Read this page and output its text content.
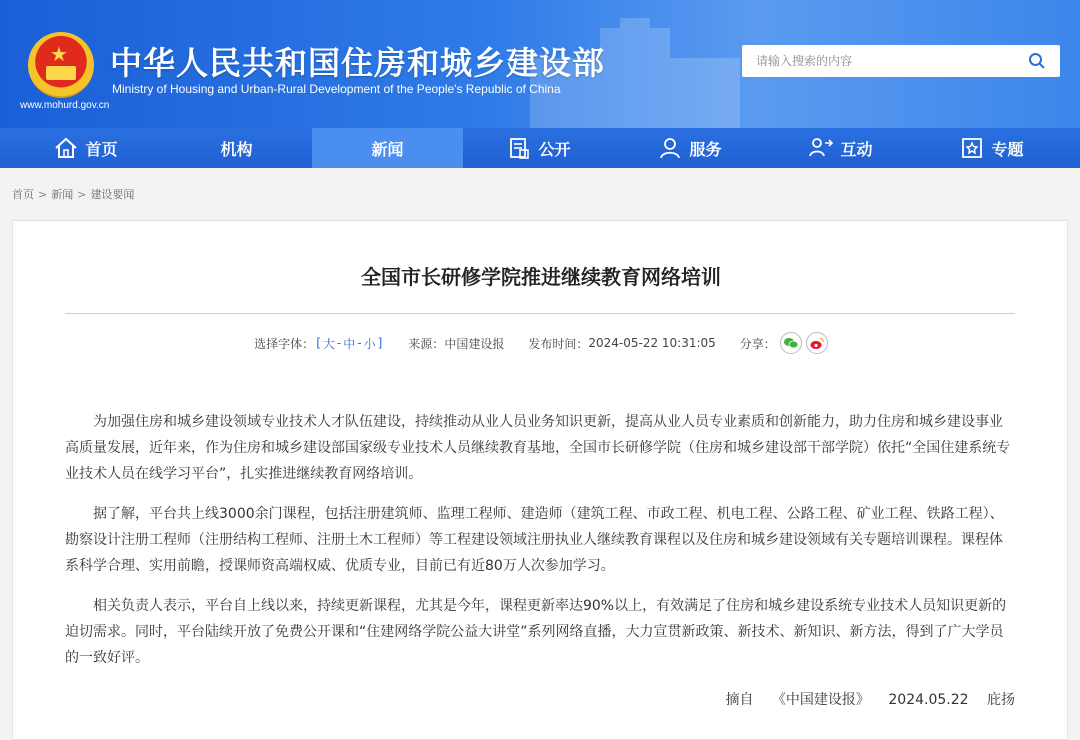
★
www.mohurd.gov.cn
中华人民共和国住房和城乡建设部
Ministry of Housing and Urban-Rural Development of the People's Republic of China
请输入搜索的内容
首页	机构	新闻	公开	服务	互动	专题
首页 > 新闻 > 建设要闻
全国市长研修学院推进继续教育网络培训
选择字体： [ 大 - 中 - 小 ] 来源： 中国建设报 发布时间： 2024-05-22 10:31:05 分享：

为加强住房和城乡建设领域专业技术人才队伍建设，持续推动从业人员业务知识更新，提高从业人员专业素质和创新能力，助力住房和城乡建设事业高质量发展，近年来，作为住房和城乡建设部国家级专业技术人员继续教育基地，全国市长研修学院（住房和城乡建设部干部学院）依托“全国住建系统专业技术人员在线学习平台”，扎实推进继续教育网络培训。

据了解，平台共上线3000余门课程，包括注册建筑师、监理工程师、建造师（建筑工程、市政工程、机电工程、公路工程、矿业工程、铁路工程）、勘察设计注册工程师（注册结构工程师、注册土木工程师）等工程建设领域注册执业人继续教育课程以及住房和城乡建设领域有关专题培训课程。课程体系科学合理、实用前瞻，授课师资高端权威、优质专业，目前已有近80万人次参加学习。

相关负责人表示，平台自上线以来，持续更新课程，尤其是今年，课程更新率达90%以上，有效满足了住房和城乡建设系统专业技术人员知识更新的迫切需求。同时，平台陆续开放了免费公开课和“住建网络学院公益大讲堂”系列网络直播，大力宣贯新政策、新技术、新知识、新方法，得到了广大学员的一致好评。

摘自 《中国建设报》 2024.05.22 庇扬
